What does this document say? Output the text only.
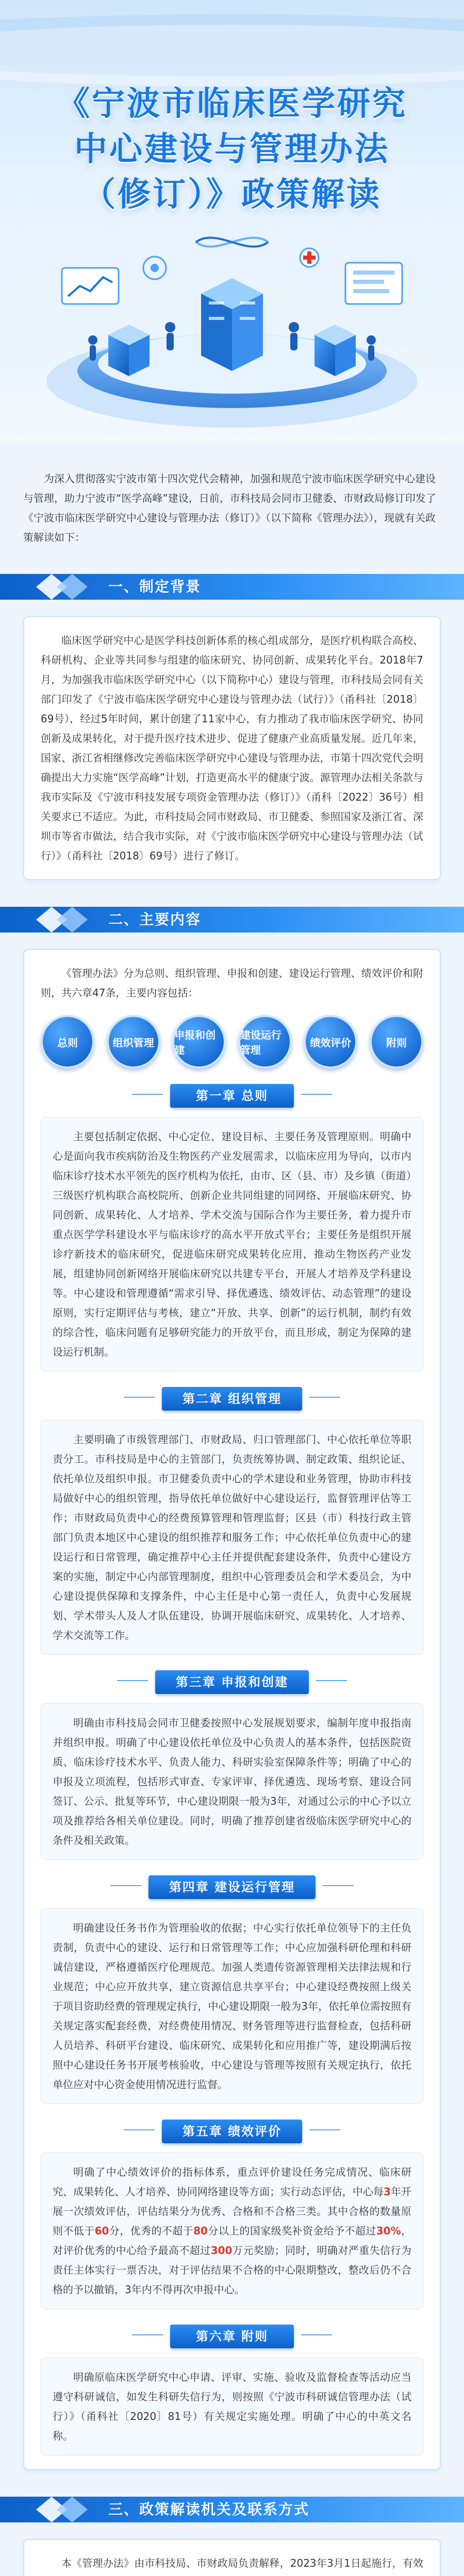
《宁波市临床医学研究
中心建设与管理办法
（修订）》政策解读

为深入贯彻落实宁波市第十四次党代会精神，加强和规范宁波市临床医学研究中心建设与管理，助力宁波市“医学高峰”建设，日前，市科技局会同市卫健委、市财政局修订印发了《宁波市临床医学研究中心建设与管理办法（修订）》（以下简称《管理办法》），现就有关政策解读如下：

一、制定背景

临床医学研究中心是医学科技创新体系的核心组成部分，是医疗机构联合高校、科研机构、企业等共同参与组建的临床研究、协同创新、成果转化平台。2018年7月，为加强我市临床医学研究中心（以下简称中心）建设与管理，市科技局会同有关部门印发了《宁波市临床医学研究中心建设与管理办法（试行）》（甬科社〔2018〕69号），经过5年时间，累计创建了11家中心，有力推动了我市临床医学研究、协同创新及成果转化，对于提升医疗技术进步、促进了健康产业高质量发展。近几年来，国家、浙江省相继修改完善临床医学研究中心建设与管理办法，市第十四次党代会明确提出大力实施“医学高峰”计划，打造更高水平的健康宁波。源管理办法相关条款与我市实际及《宁波市科技发展专项资金管理办法（修订）》（甬科〔2022〕36号）相关要求已不适应。为此，市科技局会同市财政局、市卫健委、参照国家及浙江省、深圳市等省市做法，结合我市实际，对《宁波市临床医学研究中心建设与管理办法（试行）》（甬科社〔2018〕69号）进行了修订。

二、主要内容

《管理办法》分为总则、组织管理、申报和创建、建设运行管理、绩效评价和附则，共六章47条，主要内容包括：

总则	组织管理
申报和创建
建设运行管理
绩效评价	附则
第一章 总则

主要包括制定依据、中心定位、建设目标、主要任务及管理原则。明确中心是面向我市疾病防治及生物医药产业发展需求，以临床应用为导向，以市内临床诊疗技术水平领先的医疗机构为依托，由市、区（县、市）及乡镇（街道）三级医疗机构联合高校院所、创新企业共同组建的同网络、开展临床研究、协同创新、成果转化、人才培养、学术交流与国际合作为主要任务，着力提升市重点医学学科建设水平与临床诊疗的高水平开放式平台；主要任务是组织开展诊疗新技术的临床研究，促进临床研究成果转化应用，推动生物医药产业发展，组建协同创新网络开展临床研究以共建专平台，开展人才培养及学科建设等。中心建设和管理遵循“需求引导、择优遴选、绩效评估、动态管理”的建设原则，实行定期评估与考核，建立“开放、共享、创新”的运行机制，制约有效的综合性，临床问题有足够研究能力的开放平台，而且形成，制定为保障的建设运行机制。

第二章 组织管理

主要明确了市级管理部门、市财政局、归口管理部门、中心依托单位等职责分工。市科技局是中心的主管部门，负责统筹协调、制定政策、组织论证、依托单位及组织申报。市卫健委负责中心的学术建设和业务管理，协助市科技局做好中心的组织管理，指导依托单位做好中心建设运行，监督管理评估等工作；市财政局负责中心的经费预算管理和管理监督；区县（市）科技行政主管部门负责本地区中心建设的组织推荐和服务工作；中心依托单位负责中心的建设运行和日常管理，确定推荐中心主任并提供配套建设条件，负责中心建设方案的实施，制定中心内部管理制度，组织中心管理委员会和学术委员会，为中心建设提供保障和支撑条件，中心主任是中心第一责任人，负责中心发展规划、学术带头人及人才队伍建设，协调开展临床研究、成果转化、人才培养、学术交流等工作。

第三章 申报和创建

明确由市科技局会同市卫健委按照中心发展规划要求，编制年度申报指南并组织申报。明确了中心建设依托单位及中心负责人的基本条件，包括医院资质、临床诊疗技术水平、负责人能力、科研实验室保障条件等；明确了中心的申报及立项流程，包括形式审查、专家评审、择优遴选、现场考察、建设合同签订、公示、批复等环节，中心建设期限一般为3年，对通过公示的中心予以立项及推荐给各相关单位建设。同时，明确了推荐创建省级临床医学研究中心的条件及相关政策。

第四章 建设运行管理

明确建设任务书作为管理验收的依据；中心实行依托单位领导下的主任负责制，负责中心的建设、运行和日常管理等工作；中心应加强科研伦理和科研诚信建设，严格遵循医疗伦理规范。加强人类遗传资源管理相关法律法规和行业规范；中心应开放共享，建立资源信息共享平台；中心建设经费按照上级关于项目资助经费的管理规定执行，中心建设期限一般为3年，依托单位需按照有关规定落实配套经费，对经费使用情况、财务管理等进行监督检查，包括科研人员培养、科研平台建设、临床研究、成果转化和应用推广等，建设期满后按照中心建设任务书开展考核验收，中心建设与管理等按照有关规定执行，依托单位应对中心资金使用情况进行监督。

第五章 绩效评价

明确了中心绩效评价的指标体系，重点评价建设任务完成情况、临床研究、成果转化、人才培养、协同网络建设等方面；实行动态评估，中心每3年开展一次绩效评估，评估结果分为优秀、合格和不合格三类。其中合格的数量原则不低于60分，优秀的不超于80分以上的国家级奖补资金给予不超过30%，对评价优秀的中心给予最高不超过300万元奖励；同时，明确对严重失信行为责任主体实行一票否决，对于评估结果不合格的中心限期整改，整改后仍不合格的予以撤销，3年内不得再次申报中心。

第六章 附则

明确原临床医学研究中心申请、评审、实施、验收及监督检查等活动应当遵守科研诚信，如发生科研失信行为，则按照《宁波市科研诚信管理办法（试行）》（甬科社〔2020〕81号）有关规定实施处理。明确了中心的中英文名称。

三、政策解读机关及联系方式

本《管理办法》由市科技局、市财政局负责解释，2023年3月1日起施行，有效
